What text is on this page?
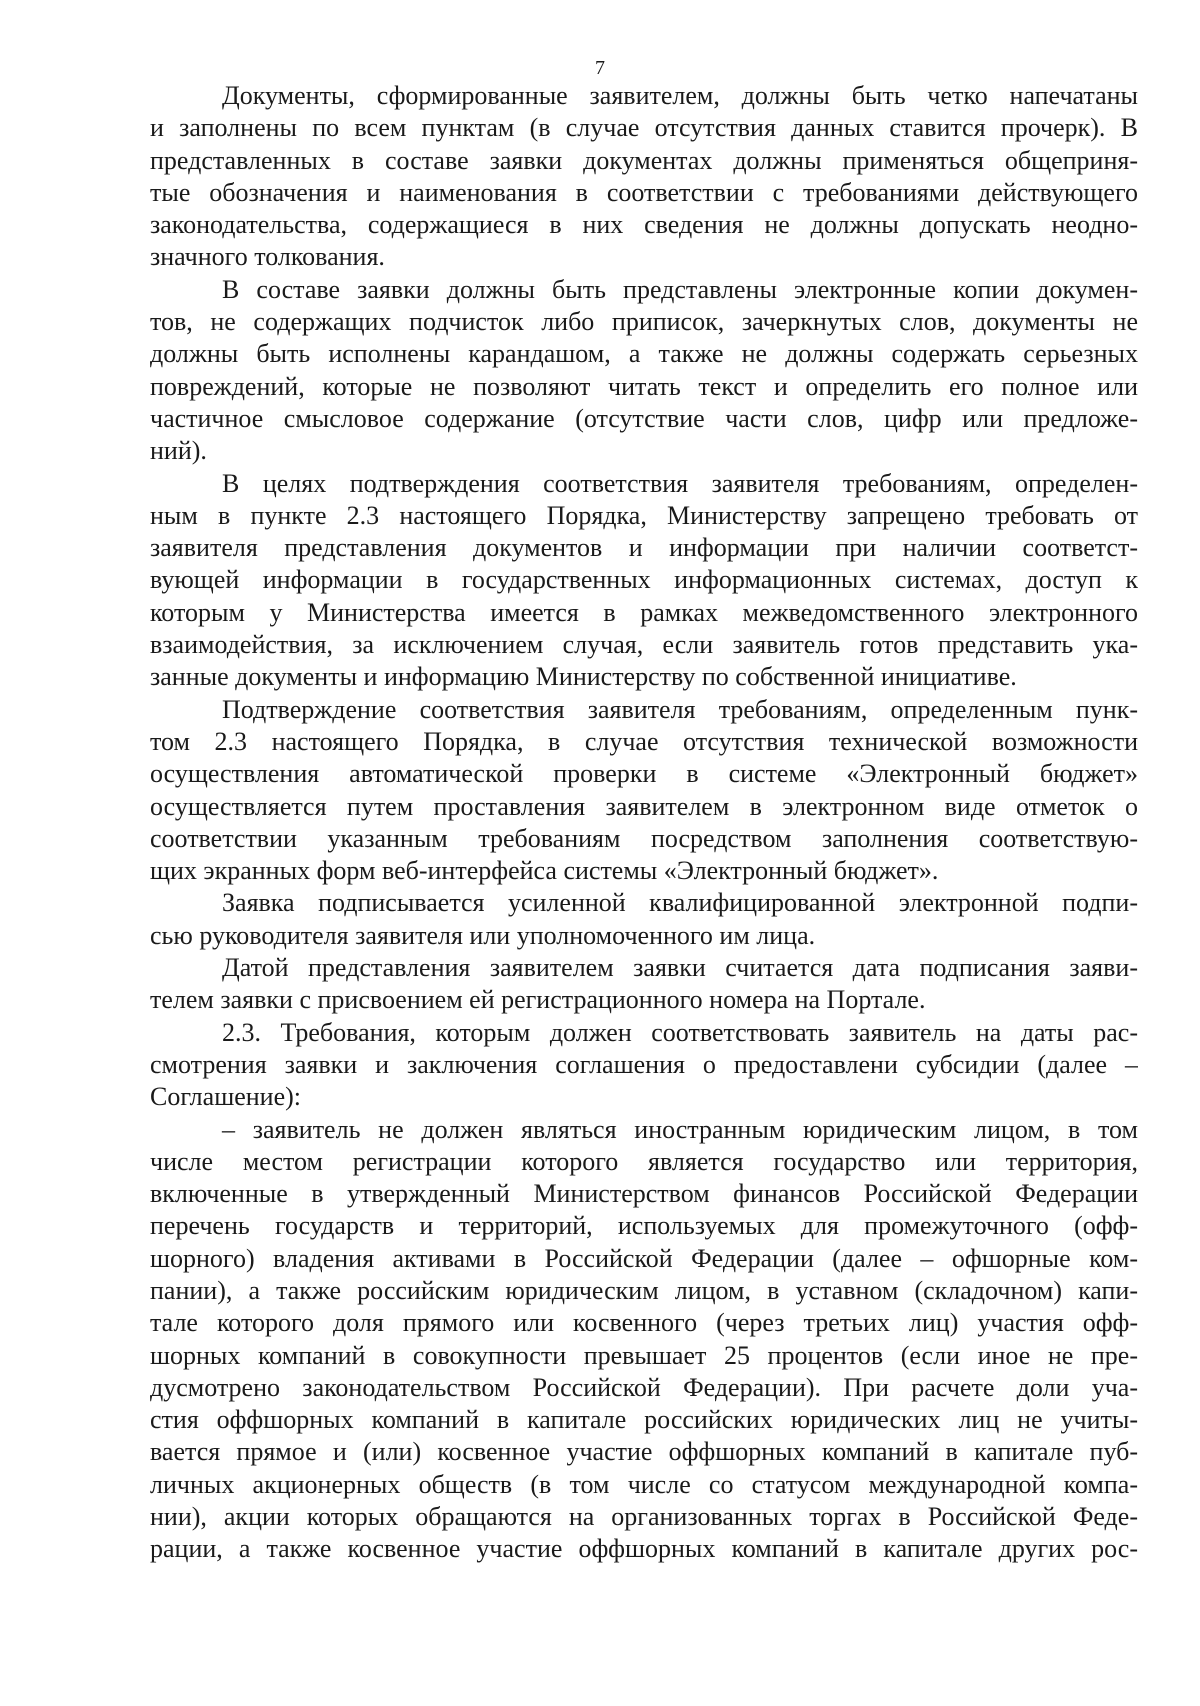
7
Документы, сформированные заявителем, должны быть четко напечатаны
и заполнены по всем пунктам (в случае отсутствия данных ставится прочерк). В
представленных в составе заявки документах должны применяться общеприня-
тые обозначения и наименования в соответствии с требованиями действующего
законодательства, содержащиеся в них сведения не должны допускать неодно-
значного толкования.
В составе заявки должны быть представлены электронные копии докумен-
тов, не содержащих подчисток либо приписок, зачеркнутых слов, документы не
должны быть исполнены карандашом, а также не должны содержать серьезных
повреждений, которые не позволяют читать текст и определить его полное или
частичное смысловое содержание (отсутствие части слов, цифр или предложе-
ний).
В целях подтверждения соответствия заявителя требованиям, определен-
ным в пункте 2.3 настоящего Порядка, Министерству запрещено требовать от
заявителя представления документов и информации при наличии соответст-
вующей информации в государственных информационных системах, доступ к
которым у Министерства имеется в рамках межведомственного электронного
взаимодействия, за исключением случая, если заявитель готов представить ука-
занные документы и информацию Министерству по собственной инициативе.
Подтверждение соответствия заявителя требованиям, определенным пунк-
том 2.3 настоящего Порядка, в случае отсутствия технической возможности
осуществления автоматической проверки в системе «Электронный бюджет»
осуществляется путем проставления заявителем в электронном виде отметок о
соответствии указанным требованиям посредством заполнения соответствую-
щих экранных форм веб-интерфейса системы «Электронный бюджет».
Заявка подписывается усиленной квалифицированной электронной подпи-
сью руководителя заявителя или уполномоченного им лица.
Датой представления заявителем заявки считается дата подписания заяви-
телем заявки с присвоением ей регистрационного номера на Портале.
2.3. Требования, которым должен соответствовать заявитель на даты рас-
смотрения заявки и заключения соглашения о предоставлени субсидии (далее –
Соглашение):
– заявитель не должен являться иностранным юридическим лицом, в том
числе местом регистрации которого является государство или территория,
включенные в утвержденный Министерством финансов Российской Федерации
перечень государств и территорий, используемых для промежуточного (офф-
шорного) владения активами в Российской Федерации (далее – офшорные ком-
пании), а также российским юридическим лицом, в уставном (складочном) капи-
тале которого доля прямого или косвенного (через третьих лиц) участия офф-
шорных компаний в совокупности превышает 25 процентов (если иное не пре-
дусмотрено законодательством Российской Федерации). При расчете доли уча-
стия оффшорных компаний в капитале российских юридических лиц не учиты-
вается прямое и (или) косвенное участие оффшорных компаний в капитале пуб-
личных акционерных обществ (в том числе со статусом международной компа-
нии), акции которых обращаются на организованных торгах в Российской Феде-
рации, а также косвенное участие оффшорных компаний в капитале других рос-
